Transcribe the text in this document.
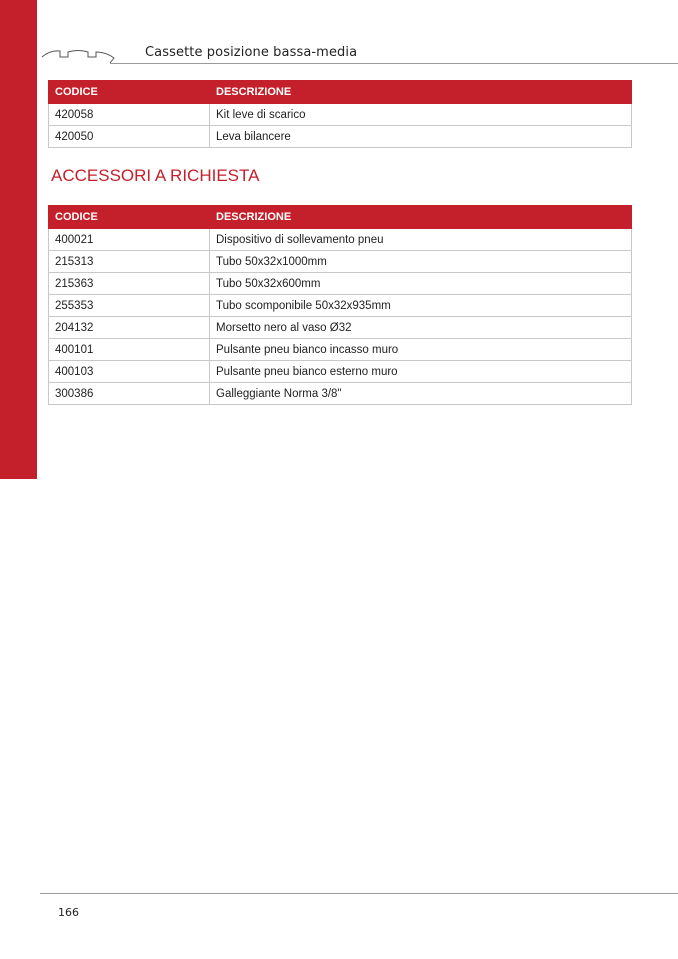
Cassette posizione bassa-media
CODICE	DESCRIZIONE
420058	Kit leve di scarico
420050	Leva bilancere
ACCESSORI A RICHIESTA
CODICE	DESCRIZIONE
400021	Dispositivo di sollevamento pneu
215313	Tubo 50x32x1000mm
215363	Tubo 50x32x600mm
255353	Tubo scomponibile 50x32x935mm
204132	Morsetto nero al vaso Ø32
400101	Pulsante pneu bianco incasso muro
400103	Pulsante pneu bianco esterno muro
300386	Galleggiante Norma 3/8"
166
